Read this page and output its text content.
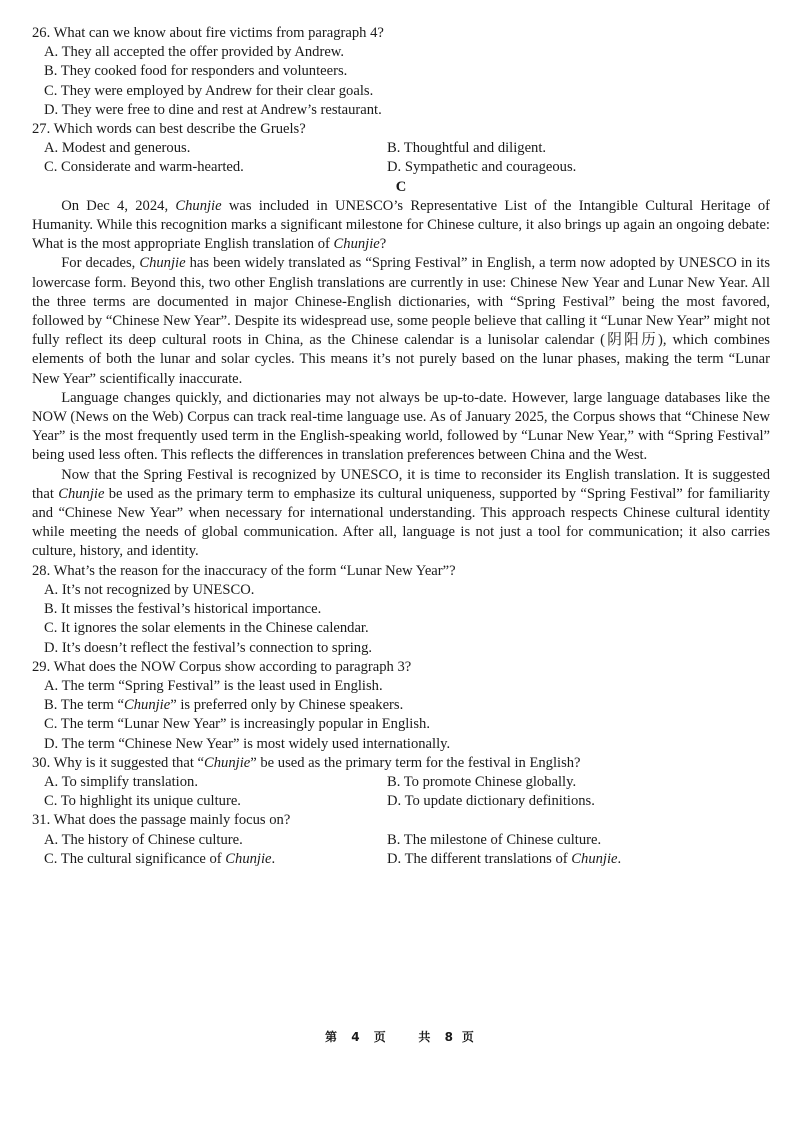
26. What can we know about fire victims from paragraph 4?

A. They all accepted the offer provided by Andrew.

B. They cooked food for responders and volunteers.

C. They were employed by Andrew for their clear goals.

D. They were free to dine and rest at Andrew’s restaurant.

27. Which words can best describe the Gruels?

A. Modest and generous.	B. Thoughtful and diligent.
C. Considerate and warm-hearted.	D. Sympathetic and courageous.

C

On Dec 4, 2024, Chunjie was included in UNESCO’s Representative List of the Intangible Cultural Heritage of Humanity. While this recognition marks a significant milestone for Chinese culture, it also brings up again an ongoing debate: What is the most appropriate English translation of Chunjie?

For decades, Chunjie has been widely translated as “Spring Festival” in English, a term now adopted by UNESCO in its lowercase form. Beyond this, two other English translations are currently in use: Chinese New Year and Lunar New Year. All the three terms are documented in major Chinese-English dictionaries, with “Spring Festival” being the most favored, followed by “Chinese New Year”. Despite its widespread use, some people believe that calling it “Lunar New Year” might not fully reflect its deep cultural roots in China, as the Chinese calendar is a lunisolar calendar (阴阳历), which combines elements of both the lunar and solar cycles. This means it’s not purely based on the lunar phases, making the term “Lunar New Year” scientifically inaccurate.

Language changes quickly, and dictionaries may not always be up-to-date. However, large language databases like the NOW (News on the Web) Corpus can track real-time language use. As of January 2025, the Corpus shows that “Chinese New Year” is the most frequently used term in the English-speaking world, followed by “Lunar New Year,” with “Spring Festival” being used less often. This reflects the differences in translation preferences between China and the West.

Now that the Spring Festival is recognized by UNESCO, it is time to reconsider its English translation. It is suggested that Chunjie be used as the primary term to emphasize its cultural uniqueness, supported by “Spring Festival” for familiarity and “Chinese New Year” when necessary for international understanding. This approach respects Chinese cultural identity while meeting the needs of global communication. After all, language is not just a tool for communication; it also carries culture, history, and identity.

28. What’s the reason for the inaccuracy of the form “Lunar New Year”?

A. It’s not recognized by UNESCO.

B. It misses the festival’s historical importance.

C. It ignores the solar elements in the Chinese calendar.

D. It’s doesn’t reflect the festival’s connection to spring.

29. What does the NOW Corpus show according to paragraph 3?

A. The term “Spring Festival” is the least used in English.

B. The term “Chunjie” is preferred only by Chinese speakers.

C. The term “Lunar New Year” is increasingly popular in English.

D. The term “Chinese New Year” is most widely used internationally.

30. Why is it suggested that “Chunjie” be used as the primary term for the festival in English?

A. To simplify translation.	B. To promote Chinese globally.
C. To highlight its unique culture.	D. To update dictionary definitions.

31. What does the passage mainly focus on?

A. The history of Chinese culture.	B. The milestone of Chinese culture.
C. The cultural significance of Chunjie.	D. The different translations of Chunjie.
第 4 页	共 8 页
